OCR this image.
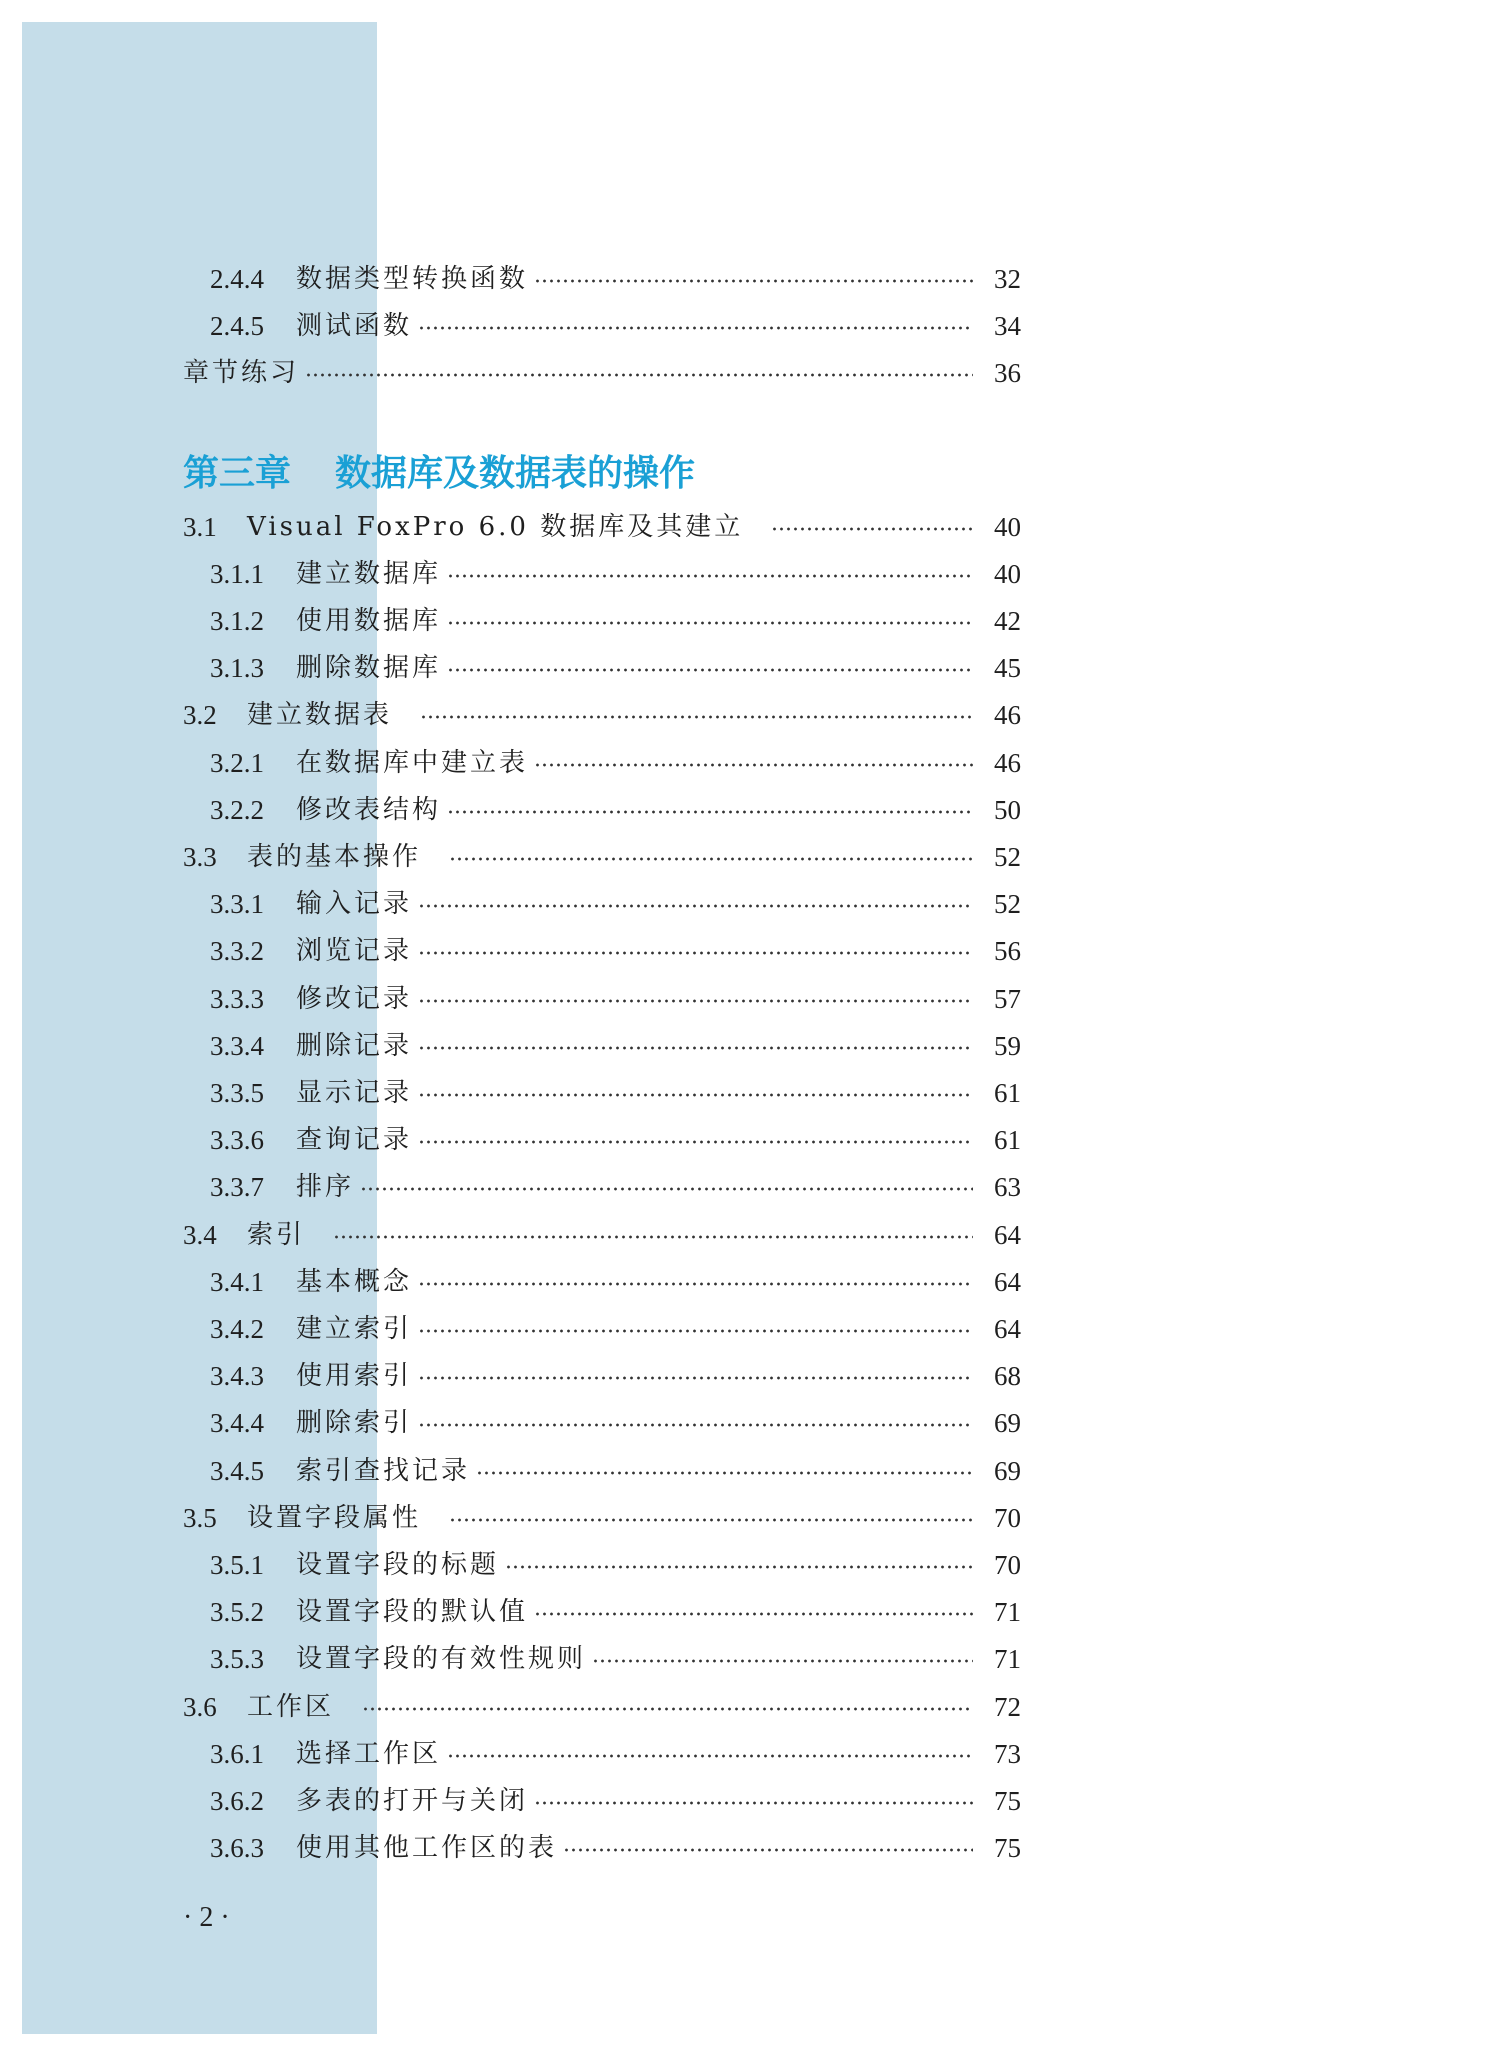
第三章 数据库及数据表的操作
2.4.4	数据类型转换函数	32
2.4.5	测试函数	34
章节练习	36
3.1	Visual FoxPro 6.0 数据库及其建立	40
3.1.1	建立数据库	40
3.1.2	使用数据库	42
3.1.3	删除数据库	45
3.2	建立数据表	46
3.2.1	在数据库中建立表	46
3.2.2	修改表结构	50
3.3	表的基本操作	52
3.3.1	输入记录	52
3.3.2	浏览记录	56
3.3.3	修改记录	57
3.3.4	删除记录	59
3.3.5	显示记录	61
3.3.6	查询记录	61
3.3.7	排序	63
3.4	索引	64
3.4.1	基本概念	64
3.4.2	建立索引	64
3.4.3	使用索引	68
3.4.4	删除索引	69
3.4.5	索引查找记录	69
3.5	设置字段属性	70
3.5.1	设置字段的标题	70
3.5.2	设置字段的默认值	71
3.5.3	设置字段的有效性规则	71
3.6	工作区	72
3.6.1	选择工作区	73
3.6.2	多表的打开与关闭	75
3.6.3	使用其他工作区的表	75
· 2 ·
